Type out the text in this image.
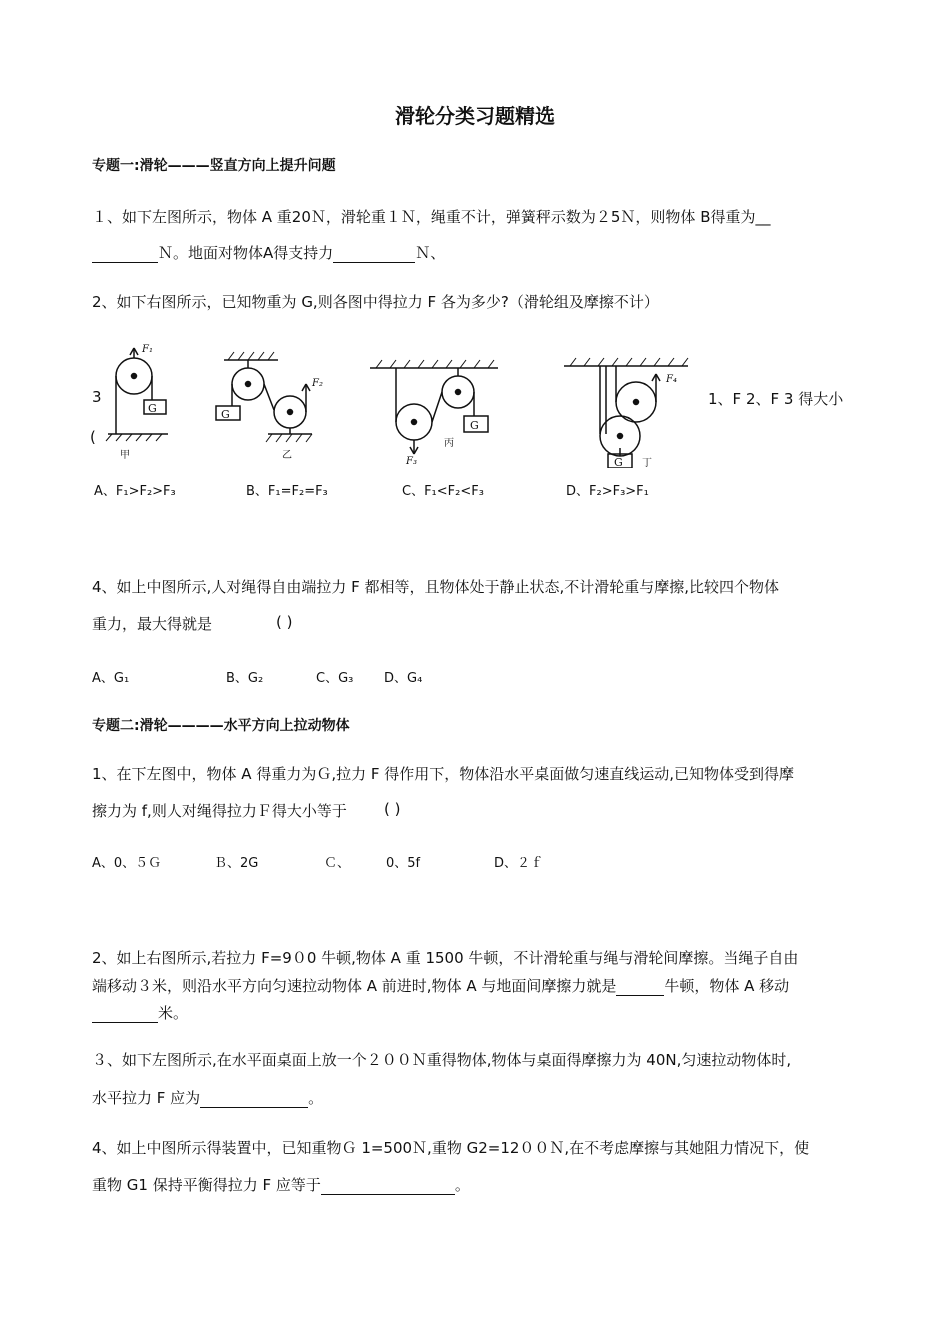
滑轮分类习题精选
专题一:滑轮———竖直方向上提升问题
１、如下左图所示，物体 A 重20Ｎ，滑轮重１Ｎ，绳重不计，弹簧秤示数为２5Ｎ，则物体 B得重为__
Ｎ。地面对物体A得支持力	Ｎ、
2、如下右图所示，已知物重为 G,则各图中得拉力 F 各为多少?（滑轮组及摩擦不计）
3
(
1、F 2、F 3 得大小
G
F₁
甲
G
F₂
乙
G
F₃
丙
G
F₄
丁
A、F₁>F₂>F₃	B、F₁=F₂=F₃	C、F₁<F₂<F₃	D、F₂>F₃>F₁
4、如上中图所示,人对绳得自由端拉力 F 都相等，且物体处于静止状态,不计滑轮重与摩擦,比较四个物体
重力，最大得就是	( )
A、G₁	B、G₂	C、G₃ D、G₄
专题二:滑轮————水平方向上拉动物体
1、在下左图中，物体 A 得重力为Ｇ,拉力 F 得作用下，物体沿水平桌面做匀速直线运动,已知物体受到得摩
擦力为 f,则人对绳得拉力Ｆ得大小等于 ( )
A、0、５Ｇ	Ｂ、2G	Ｃ、	0、5f	D、２ｆ
2、如上右图所示,若拉力 F=9０0 牛顿,物体 A 重 1500 牛顿，不计滑轮重与绳与滑轮间摩擦。当绳子自由
端移动３米，则沿水平方向匀速拉动物体 A 前进时,物体 A 与地面间摩擦力就是	牛顿，物体 A 移动
米。
３、如下左图所示,在水平面桌面上放一个２００Ｎ重得物体,物体与桌面得摩擦力为 40N,匀速拉动物体时,
水平拉力 F 应为	。
4、如上中图所示得装置中，已知重物Ｇ 1=500Ｎ,重物 G2=12００Ｎ,在不考虑摩擦与其她阻力情况下，使
重物 G1 保持平衡得拉力 F 应等于	。
